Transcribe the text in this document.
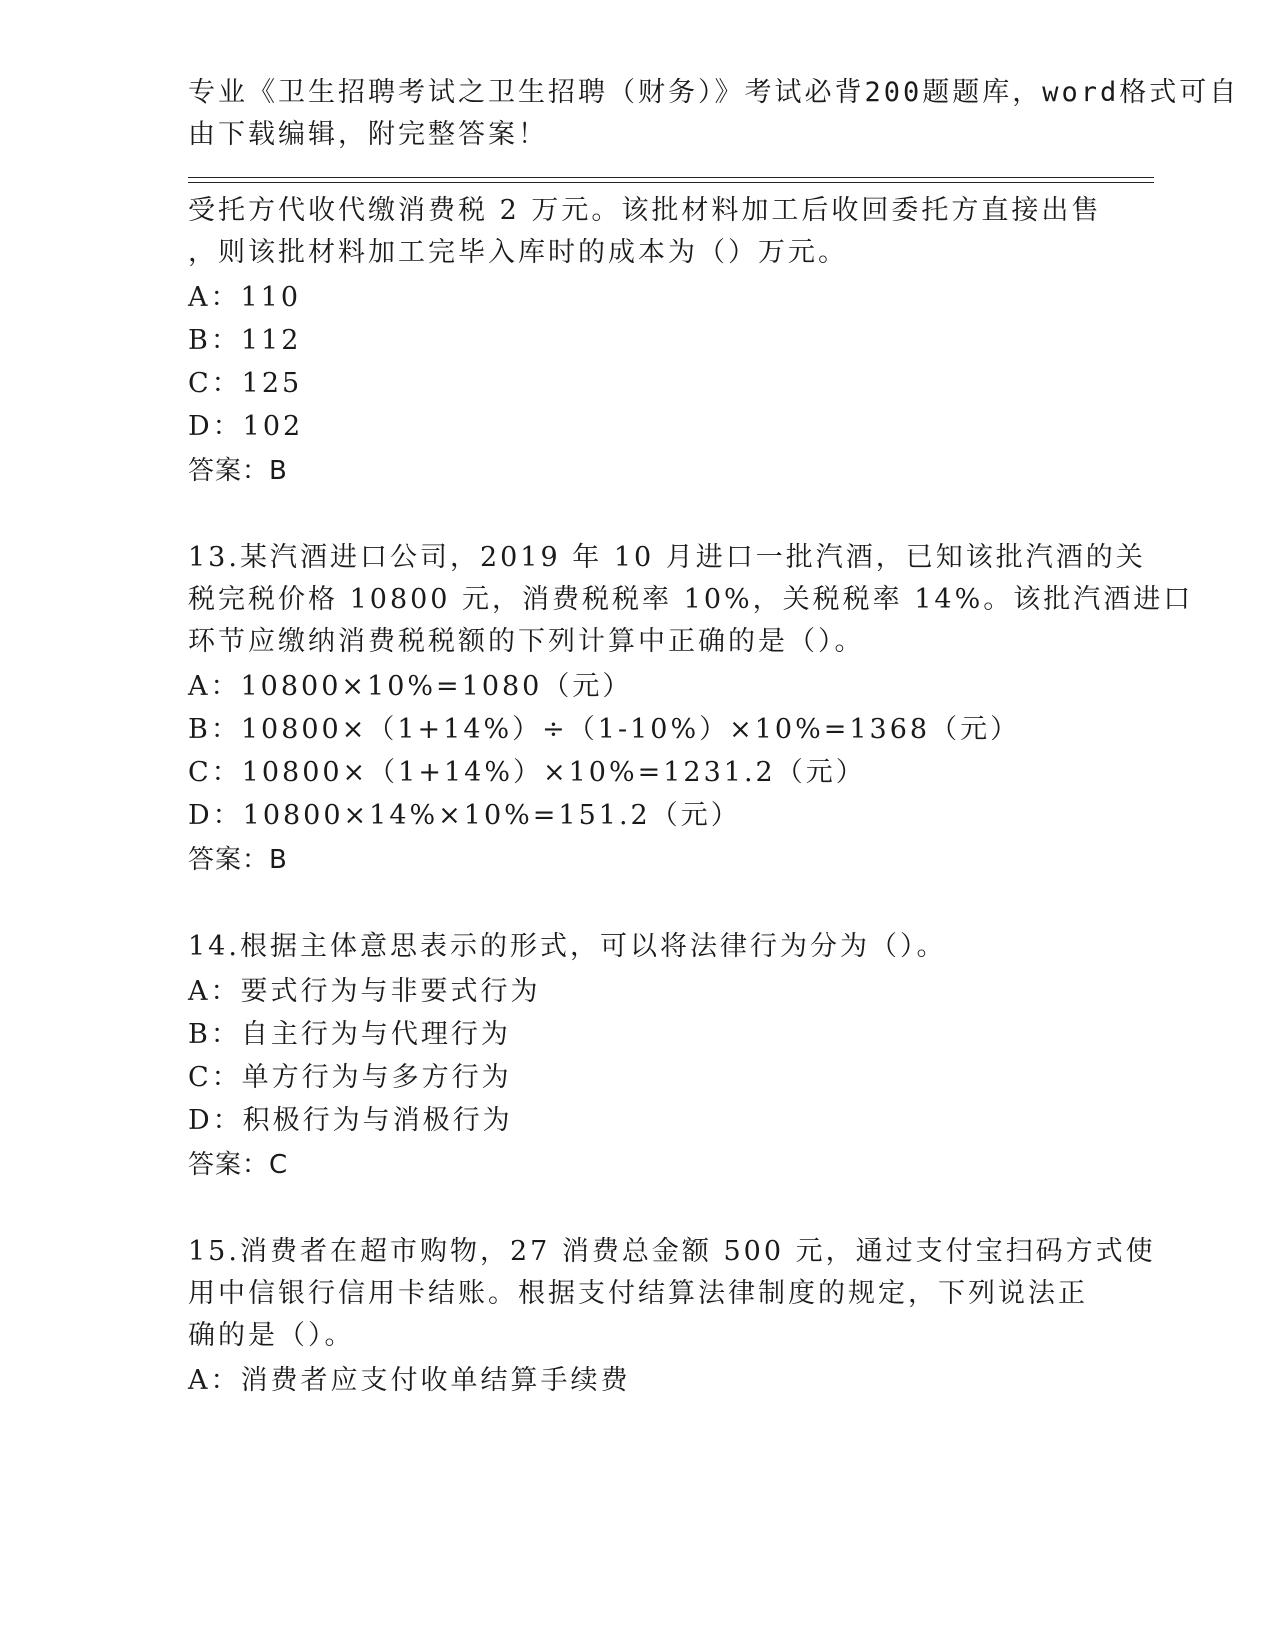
专业《卫生招聘考试之卫生招聘（财务）》考试必背200题题库，word格式可自
由下载编辑，附完整答案！
受托方代收代缴消费税 2 万元。该批材料加工后收回委托方直接出售
，则该批材料加工完毕入库时的成本为（）万元。
A：110
B：112
C：125
D：102
答案：B
13.某汽酒进口公司，2019 年 10 月进口一批汽酒，已知该批汽酒的关
税完税价格 10800 元，消费税税率 10%，关税税率 14%。该批汽酒进口
环节应缴纳消费税税额的下列计算中正确的是（）。
A：10800×10%=1080（元）
B：10800×（1+14%）÷（1-10%）×10%=1368（元）
C：10800×（1+14%）×10%=1231.2（元）
D：10800×14%×10%=151.2（元）
答案：B
14.根据主体意思表示的形式，可以将法律行为分为（）。
A：要式行为与非要式行为
B：自主行为与代理行为
C：单方行为与多方行为
D：积极行为与消极行为
答案：C
15.消费者在超市购物，27 消费总金额 500 元，通过支付宝扫码方式使
用中信银行信用卡结账。根据支付结算法律制度的规定，下列说法正
确的是（）。
A：消费者应支付收单结算手续费
